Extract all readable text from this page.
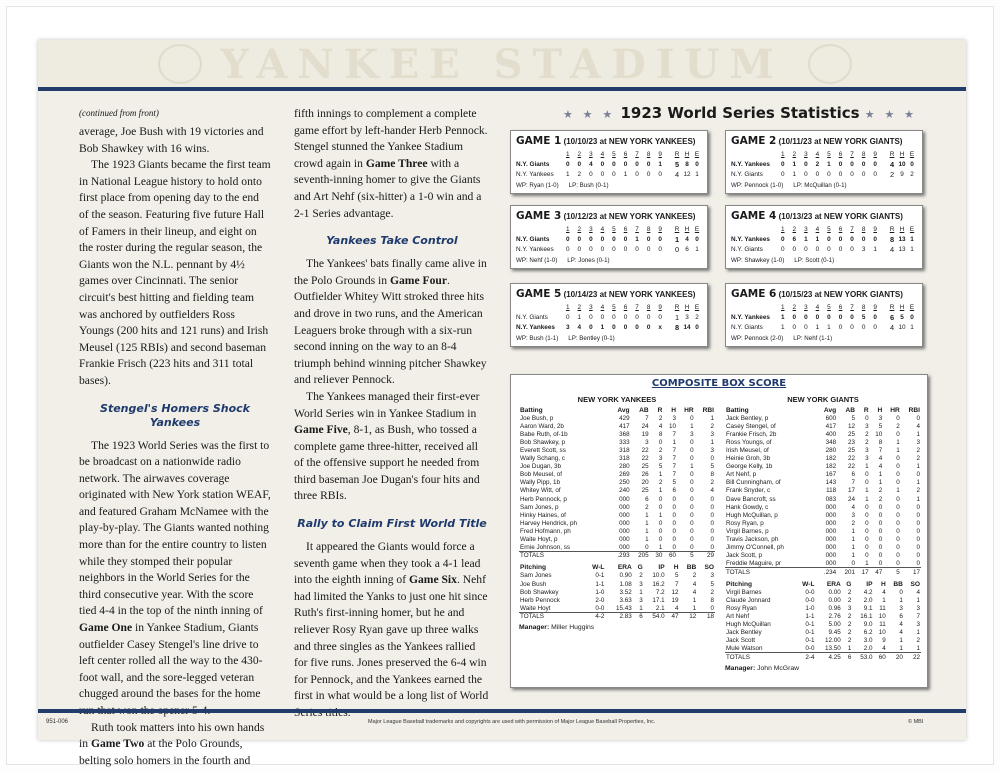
YANKEE STADIUM
(continued from front)

average, Joe Bush with 19 victories and Bob Shawkey with 16 wins.

The 1923 Giants became the first team in National League history to hold onto first place from opening day to the end of the season. Featuring five future Hall of Famers in their lineup, and eight on the roster during the regular season, the Giants won the N.L. pennant by 4½ games over Cincinnati. The senior circuit's best hitting and fielding team was anchored by outfielders Ross Youngs (200 hits and 121 runs) and Irish Meusel (125 RBIs) and second baseman Frankie Frisch (223 hits and 311 total bases).

Stengel's Homers Shock Yankees

The 1923 World Series was the first to be broadcast on a nationwide radio network. The airwaves coverage originated with New York station WEAF, and featured Graham McNamee with the play-by-play. The Giants wanted nothing more than for the entire country to listen while they stomped their popular neighbors in the World Series for the third consecutive year. With the score tied 4-4 in the top of the ninth inning of Game One in Yankee Stadium, Giants outfielder Casey Stengel's line drive to left center rolled all the way to the 430-foot wall, and the sore-legged veteran chugged around the bases for the home

Ruth took matters into his own hands in Game Two at the Polo Grounds, belting solo homers in the fourth and

fifth innings to complement a complete game effort by left-hander Herb Pennock. Stengel stunned the Yankee Stadium crowd again in Game Three with a seventh-inning homer to give the Giants and Art Nehf (six-hitter) a 1-0 win and a 2-1 Series advantage.

Yankees Take Control

The Yankees' bats finally came alive in the Polo Grounds in Game Four. Outfielder Whitey Witt stroked three hits and drove in two runs, and the American Leaguers broke through with a six-run second inning on the way to an 8-4 triumph behind winning pitcher Shawkey and reliever Pennock.

The Yankees managed their first-ever World Series win in Yankee Stadium in Game Five, 8-1, as Bush, who tossed a complete game three-hitter, received all of the offensive support he needed from third baseman Joe Dugan's four hits and three RBIs.

Rally to Claim First World Title

It appeared the Giants would force a seventh game when they took a 4-1 lead into the eighth inning of Game Six. Nehf had limited the Yanks to just one hit since Ruth's first-inning homer, but he and reliever Rosy Ryan gave up three walks and three singles as the Yankees rallied for five runs. Jones preserved the 6-4 win for Pennock, and the Yankees earned the first in what would be a long list of World

★ ★ ★ 1923 World Series Statistics ★ ★ ★
GAME 1 (10/10/23 at NEW YORK YANKEES)
	1	2	3	4	5	6	7	8	9		R	H	E
N.Y. Giants	0	0	4	0	0	0	0	0	1		5	8	0
N.Y. Yankees	1	2	0	0	0	1	0	0	0		4	12	1
WP: Ryan (1-0) LP: Bush (0-1)
GAME 2 (10/11/23 at NEW YORK GIANTS)
	1	2	3	4	5	6	7	8	9		R	H	E
N.Y. Yankees	0	1	0	2	1	0	0	0	0		4	10	0
N.Y. Giants	0	1	0	0	0	0	0	0	0		2	9	2
WP: Pennock (1-0) LP: McQuillan (0-1)
GAME 3 (10/12/23 at NEW YORK YANKEES)
	1	2	3	4	5	6	7	8	9		R	H	E
N.Y. Giants	0	0	0	0	0	0	1	0	0		1	4	0
N.Y. Yankees	0	0	0	0	0	0	0	0	0		0	6	1
WP: Nehf (1-0) LP: Jones (0-1)
GAME 4 (10/13/23 at NEW YORK GIANTS)
	1	2	3	4	5	6	7	8	9		R	H	E
N.Y. Yankees	0	6	1	1	0	0	0	0	0		8	13	1
N.Y. Giants	0	0	0	0	0	0	0	3	1		4	13	1
WP: Shawkey (1-0) LP: Scott (0-1)
GAME 5 (10/14/23 at NEW YORK YANKEES)
	1	2	3	4	5	6	7	8	9		R	H	E
N.Y. Giants	0	1	0	0	0	0	0	0	0		1	3	2
N.Y. Yankees	3	4	0	1	0	0	0	0	x		8	14	0
WP: Bush (1-1) LP: Bentley (0-1)
GAME 6 (10/15/23 at NEW YORK GIANTS)
	1	2	3	4	5	6	7	8	9		R	H	E
N.Y. Yankees	1	0	0	0	0	0	0	5	0		6	5	0
N.Y. Giants	1	0	0	1	1	0	0	0	0		4	10	1
WP: Pennock (2-0) LP: Nehf (1-1)
COMPOSITE BOX SCORE
NEW YORK YANKEES
Batting	Avg	AB	R	H	HR	RBI
Joe Bush, p	429	7	2	3	0	1
Aaron Ward, 2b	417	24	4	10	1	2
Babe Ruth, of-1b	368	19	8	7	3	3
Bob Shawkey, p	333	3	0	1	0	1
Everett Scott, ss	318	22	2	7	0	3
Wally Schang, c	318	22	3	7	0	0
Joe Dugan, 3b	280	25	5	7	1	5
Bob Meusel, of	269	26	1	7	0	8
Wally Pipp, 1b	250	20	2	5	0	2
Whitey Witt, of	240	25	1	6	0	4
Herb Pennock, p	000	6	0	0	0	0
Sam Jones, p	000	2	0	0	0	0
Hinky Haines, of	000	1	1	0	0	0
Harvey Hendrick, ph	000	1	0	0	0	0
Fred Hofmann, ph	000	1	0	0	0	0
Waite Hoyt, p	000	1	0	0	0	0
Ernie Johnson, ss	000	0	1	0	0	0
TOTALS	.293	205	30	60	5	29
Pitching	W-L	ERA	G	IP	H	BB	SO
Sam Jones	0-1	0.90	2	10.0	5	2	3
Joe Bush	1-1	1.08	3	16.2	7	4	5
Bob Shawkey	1-0	3.52	1	7.2	12	4	2
Herb Pennock	2-0	3.63	3	17.1	19	1	8
Waite Hoyt	0-0	15.43	1	2.1	4	1	0
TOTALS	4-2	2.83	6	54.0	47	12	18
Manager: Miller Huggins
NEW YORK GIANTS
Batting	Avg	AB	R	H	HR	RBI
Jack Bentley, p	600	5	0	3	0	0
Casey Stengel, of	417	12	3	5	2	4
Frankie Frisch, 2b	400	25	2	10	0	1
Ross Youngs, of	348	23	2	8	1	3
Irish Meusel, of	280	25	3	7	1	2
Heinie Groh, 3b	182	22	3	4	0	2
George Kelly, 1b	182	22	1	4	0	1
Art Nehf, p	167	6	0	1	0	0
Bill Cunningham, of	143	7	0	1	0	1
Frank Snyder, c	118	17	1	2	1	2
Dave Bancroft, ss	083	24	1	2	0	1
Hank Gowdy, c	000	4	0	0	0	0
Hugh McQuillan, p	000	3	0	0	0	0
Rosy Ryan, p	000	2	0	0	0	0
Virgil Barnes, p	000	1	0	0	0	0
Travis Jackson, ph	000	1	0	0	0	0
Jimmy O'Connell, ph	000	1	0	0	0	0
Jack Scott, p	000	1	0	0	0	0
Freddie Maguire, pr	000	0	1	0	0	0
TOTALS	.234	201	17	47	5	17
Pitching	W-L	ERA	G	IP	H	BB	SO
Virgil Barnes	0-0	0.00	2	4.2	4	0	4
Claude Jonnard	0-0	0.00	2	2.0	1	1	1
Rosy Ryan	1-0	0.96	3	9.1	11	3	3
Art Nehf	1-1	2.76	2	16.1	10	6	7
Hugh McQuillan	0-1	5.00	2	9.0	11	4	3
Jack Bentley	0-1	9.45	2	6.2	10	4	1
Jack Scott	0-1	12.00	2	3.0	9	1	2
Mule Watson	0-0	13.50	1	2.0	4	1	1
TOTALS	2-4	4.25	6	53.0	60	20	22
Manager: John McGraw
951-006	Major League Baseball trademarks and copyrights are used with permission of Major League Baseball Properties, Inc.	© MBI
